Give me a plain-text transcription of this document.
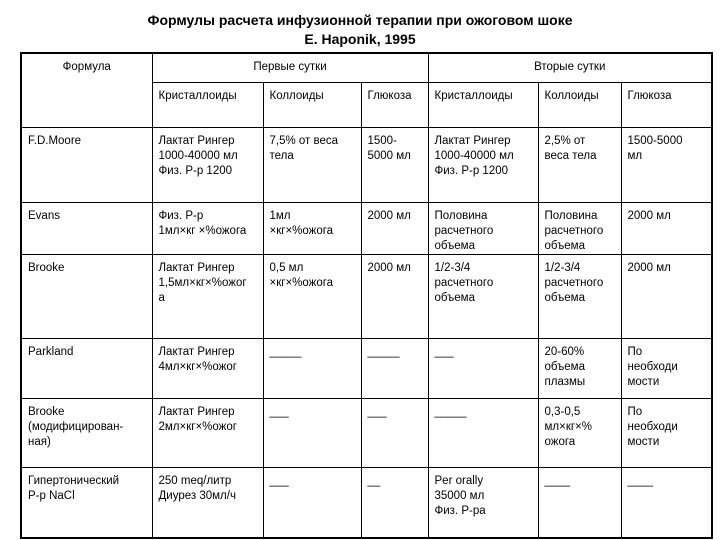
Формулы расчета инфузионной терапии при ожоговом шоке
E. Haponik, 1995
Формула	Первые сутки			Вторые сутки		
	Кристаллоиды	Коллоиды	Глюкоза	Кристаллоиды	Коллоиды	Глюкоза
F.D.Moore	Лактат Рингер
1000-40000 мл
Физ. Р-р 1200	7,5% от веса
тела	1500-
5000 мл	Лактат Рингер
1000-40000 мл
Физ. Р-р 1200	2,5% от
веса тела	1500-5000
мл
Evans	Физ. Р-р
1мл×кг ×%ожога	1мл
×кг×%ожога	2000 мл	Половина
расчетного
объема	Половина
расчетного
объема	2000 мл
Brooke	Лактат Рингер
1,5мл×кг×%ожог
а	0,5 мл
×кг×%ожога	2000 мл	1/2-3/4
расчетного
объема	1/2-3/4
расчетного
объема	2000 мл
Parkland	Лактат Рингер
4мл×кг×%ожог	_____	_____	___	20-60%
объема
плазмы	По
необходи
мости
Brooke
(модифицирован-
ная)	Лактат Рингер
2мл×кг×%ожог	___	___	_____	0,3-0,5
мл×кг×%
ожога	По
необходи
мости
Гипертонический
Р-р NaCl	250 meq/литр
Диурез 30мл/ч	___	__	Per orally
35000 мл
Физ. Р-ра	____	____
